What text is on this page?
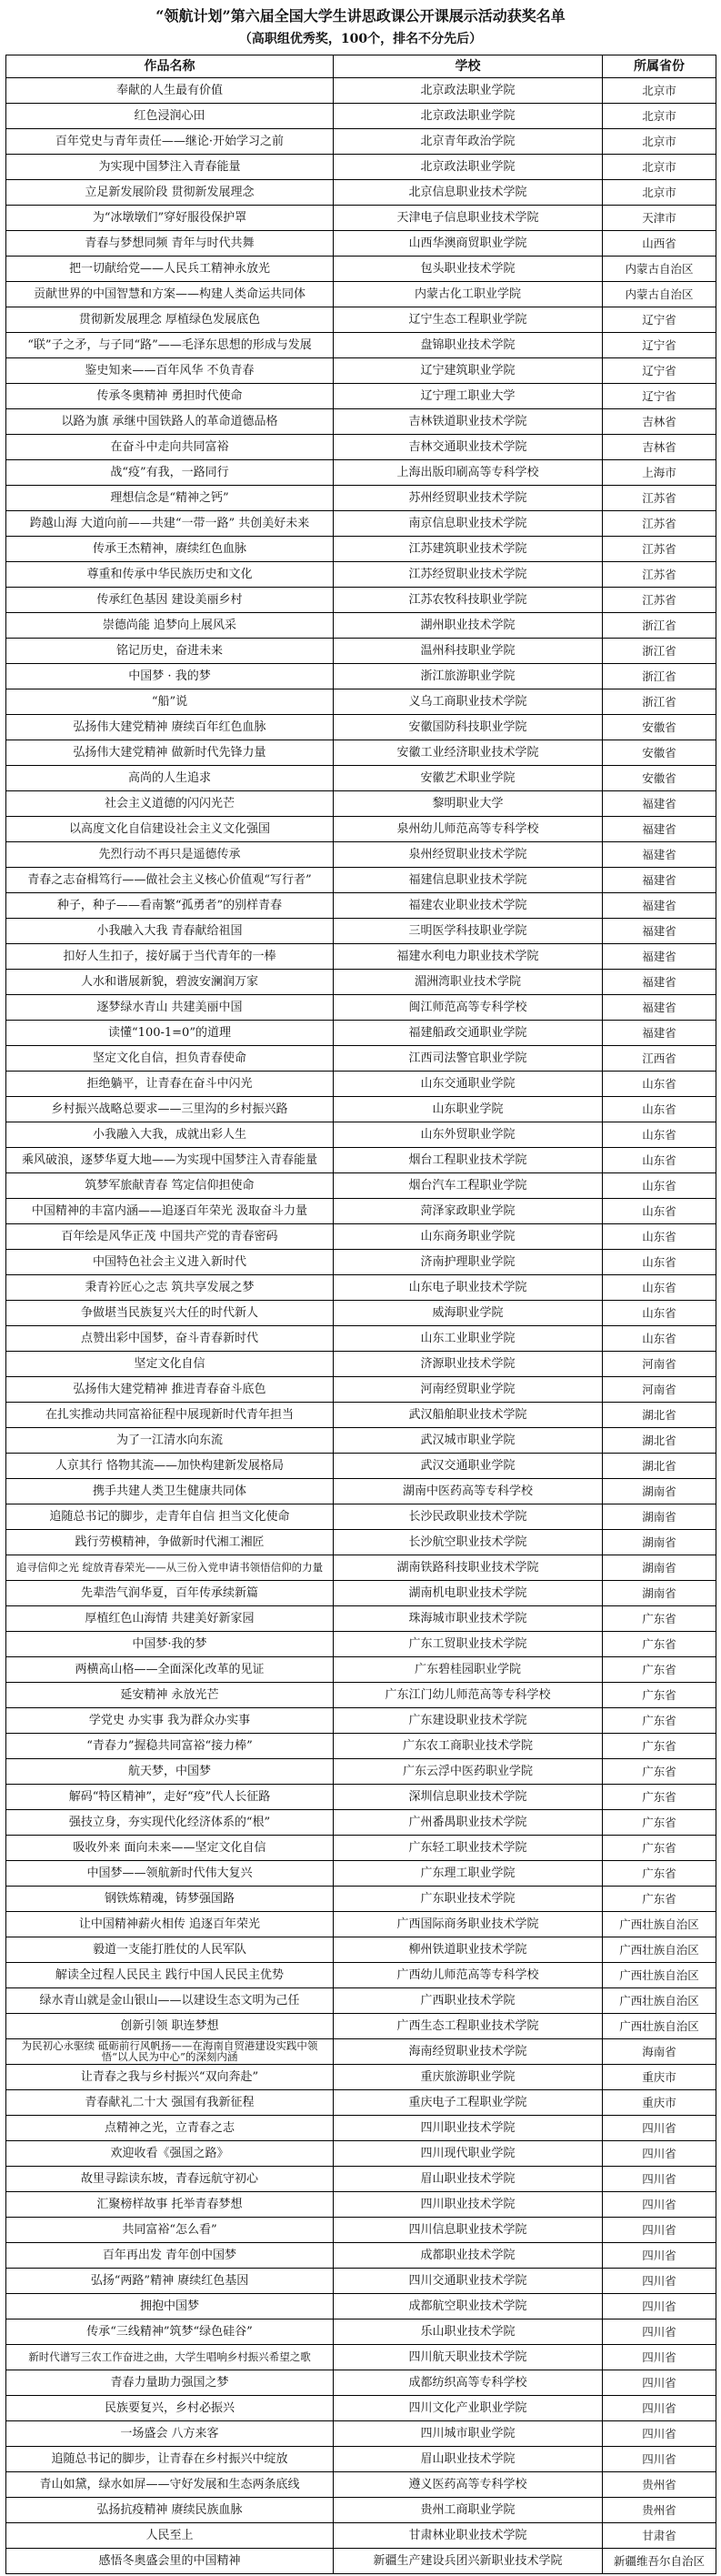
“领航计划”第六届全国大学生讲思政课公开课展示活动获奖名单
（高职组优秀奖，100个，排名不分先后）
作品名称	学校	所属省份
奉献的人生最有价值	北京政法职业学院	北京市
红色浸润心田	北京政法职业学院	北京市
百年党史与青年责任——继论·开始学习之前	北京青年政治学院	北京市
为实现中国梦注入青春能量	北京政法职业学院	北京市
立足新发展阶段 贯彻新发展理念	北京信息职业技术学院	北京市
为“冰墩墩们”穿好服役保护罩	天津电子信息职业技术学院	天津市
青春与梦想同频 青年与时代共舞	山西华澳商贸职业学院	山西省
把一切献给党——人民兵工精神永放光	包头职业技术学院	内蒙古自治区
贡献世界的中国智慧和方案——构建人类命运共同体	内蒙古化工职业学院	内蒙古自治区
贯彻新发展理念 厚植绿色发展底色	辽宁生态工程职业学院	辽宁省
“联”子之矛，与子同“路”——毛泽东思想的形成与发展	盘锦职业技术学院	辽宁省
鉴史知来——百年风华 不负青春	辽宁建筑职业学院	辽宁省
传承冬奥精神 勇担时代使命	辽宁理工职业大学	辽宁省
以路为旗 承继中国铁路人的革命道德品格	吉林铁道职业技术学院	吉林省
在奋斗中走向共同富裕	吉林交通职业技术学院	吉林省
战“疫”有我，一路同行	上海出版印刷高等专科学校	上海市
理想信念是“精神之钙”	苏州经贸职业技术学院	江苏省
跨越山海 大道向前——共建“一带一路” 共创美好未来	南京信息职业技术学院	江苏省
传承王杰精神，赓续红色血脉	江苏建筑职业技术学院	江苏省
尊重和传承中华民族历史和文化	江苏经贸职业技术学院	江苏省
传承红色基因 建设美丽乡村	江苏农牧科技职业学院	江苏省
崇德尚能 追梦向上展风采	湖州职业技术学院	浙江省
铭记历史，奋进未来	温州科技职业学院	浙江省
中国梦 · 我的梦	浙江旅游职业学院	浙江省
“船”说	义乌工商职业技术学院	浙江省
弘扬伟大建党精神 赓续百年红色血脉	安徽国防科技职业学院	安徽省
弘扬伟大建党精神 做新时代先锋力量	安徽工业经济职业技术学院	安徽省
高尚的人生追求	安徽艺术职业学院	安徽省
社会主义道德的闪闪光芒	黎明职业大学	福建省
以高度文化自信建设社会主义文化强国	泉州幼儿师范高等专科学校	福建省
先烈行动不再只是遥德传承	泉州经贸职业技术学院	福建省
青春之志奋楫笃行——做社会主义核心价值观“写行者”	福建信息职业技术学院	福建省
种子，种子——看南繁“孤勇者”的别样青春	福建农业职业技术学院	福建省
小我融入大我 青春献给祖国	三明医学科技职业学院	福建省
扣好人生扣子，接好属于当代青年的一棒	福建水利电力职业技术学院	福建省
人水和谐展新貌，碧波安澜润万家	湄洲湾职业技术学院	福建省
逐梦绿水青山 共建美丽中国	闽江师范高等专科学校	福建省
读懂“100-1=0”的道理	福建船政交通职业学院	福建省
坚定文化自信，担负青春使命	江西司法警官职业学院	江西省
拒绝躺平，让青春在奋斗中闪光	山东交通职业学院	山东省
乡村振兴战略总要求——三里沟的乡村振兴路	山东职业学院	山东省
小我融入大我，成就出彩人生	山东外贸职业学院	山东省
乘风破浪，逐梦华夏大地——为实现中国梦注入青春能量	烟台工程职业技术学院	山东省
筑梦军旅献青春 笃定信仰担使命	烟台汽车工程职业学院	山东省
中国精神的丰富内涵——追逐百年荣光 汲取奋斗力量	菏泽家政职业学院	山东省
百年绘是风华正茂 中国共产党的青春密码	山东商务职业学院	山东省
中国特色社会主义进入新时代	济南护理职业学院	山东省
秉青衿匠心之志 筑共享发展之梦	山东电子职业技术学院	山东省
争做堪当民族复兴大任的时代新人	威海职业学院	山东省
点赞出彩中国梦，奋斗青春新时代	山东工业职业学院	山东省
坚定文化自信	济源职业技术学院	河南省
弘扬伟大建党精神 推进青春奋斗底色	河南经贸职业学院	河南省
在扎实推动共同富裕征程中展现新时代青年担当	武汉船舶职业技术学院	湖北省
为了一江清水向东流	武汉城市职业学院	湖北省
人京其行 恪物其流——加快构建新发展格局	武汉交通职业学院	湖北省
携手共建人类卫生健康共同体	湖南中医药高等专科学校	湖南省
追随总书记的脚步，走青年自信 担当文化使命	长沙民政职业技术学院	湖南省
践行劳模精神，争做新时代湘工湘匠	长沙航空职业技术学院	湖南省
追寻信仰之光 绽放青春荣光——从三份入党申请书领悟信仰的力量	湖南铁路科技职业技术学院	湖南省
先辈浩气润华夏，百年传承续新篇	湖南机电职业技术学院	湖南省
厚植红色山海情 共建美好新家园	珠海城市职业技术学院	广东省
中国梦·我的梦	广东工贸职业技术学院	广东省
两横高山格——全面深化改革的见证	广东碧桂园职业学院	广东省
延安精神 永放光芒	广东江门幼儿师范高等专科学校	广东省
学党史 办实事 我为群众办实事	广东建设职业技术学院	广东省
“青春力”握稳共同富裕“接力棒”	广东农工商职业技术学院	广东省
航天梦，中国梦	广东云浮中医药职业学院	广东省
解码“特区精神”，走好“疫”代人长征路	深圳信息职业技术学院	广东省
强技立身，夯实现代化经济体系的“根”	广州番禺职业技术学院	广东省
吸收外来 面向未来——坚定文化自信	广东轻工职业技术学院	广东省
中国梦——领航新时代伟大复兴	广东理工职业学院	广东省
钢铁炼精魂，铸梦强国路	广东职业技术学院	广东省
让中国精神薪火相传 追逐百年荣光	广西国际商务职业技术学院	广西壮族自治区
毅道一支能打胜仗的人民军队	柳州铁道职业技术学院	广西壮族自治区
解读全过程人民民主 践行中国人民民主优势	广西幼儿师范高等专科学校	广西壮族自治区
绿水青山就是金山银山——以建设生态文明为己任	广西职业技术学院	广西壮族自治区
创新引领 职连梦想	广西生态工程职业技术学院	广西壮族自治区
为民初心永驱续 砥砺前行风帆扬——在海南自贸港建设实践中领悟“以人民为中心”的深刻内涵	海南经贸职业技术学院	海南省
让青春之我与乡村振兴“双向奔赴”	重庆旅游职业学院	重庆市
青春献礼二十大 强国有我新征程	重庆电子工程职业学院	重庆市
点精神之光，立青春之志	四川职业技术学院	四川省
欢迎收看《强国之路》	四川现代职业学院	四川省
故里寻踪读东坡，青春远航守初心	眉山职业技术学院	四川省
汇聚榜样故事 托举青春梦想	四川职业技术学院	四川省
共同富裕“怎么看”	四川信息职业技术学院	四川省
百年再出发 青年创中国梦	成都职业技术学院	四川省
弘扬“两路”精神 赓续红色基因	四川交通职业技术学院	四川省
拥抱中国梦	成都航空职业技术学院	四川省
传承“三线精神”筑梦“绿色硅谷”	乐山职业技术学院	四川省
新时代谱写三农工作奋进之曲，大学生唱响乡村振兴希望之歌	四川航天职业技术学院	四川省
青春力量助力强国之梦	成都纺织高等专科学校	四川省
民族要复兴，乡村必振兴	四川文化产业职业学院	四川省
一场盛会 八方来客	四川城市职业学院	四川省
追随总书记的脚步，让青春在乡村振兴中绽放	眉山职业技术学院	四川省
青山如黛，绿水如屏——守好发展和生态两条底线	遵义医药高等专科学校	贵州省
弘扬抗疫精神 赓续民族血脉	贵州工商职业学院	贵州省
人民至上	甘肃林业职业技术学院	甘肃省
感悟冬奥盛会里的中国精神	新疆生产建设兵团兴新职业技术学院	新疆维吾尔自治区
